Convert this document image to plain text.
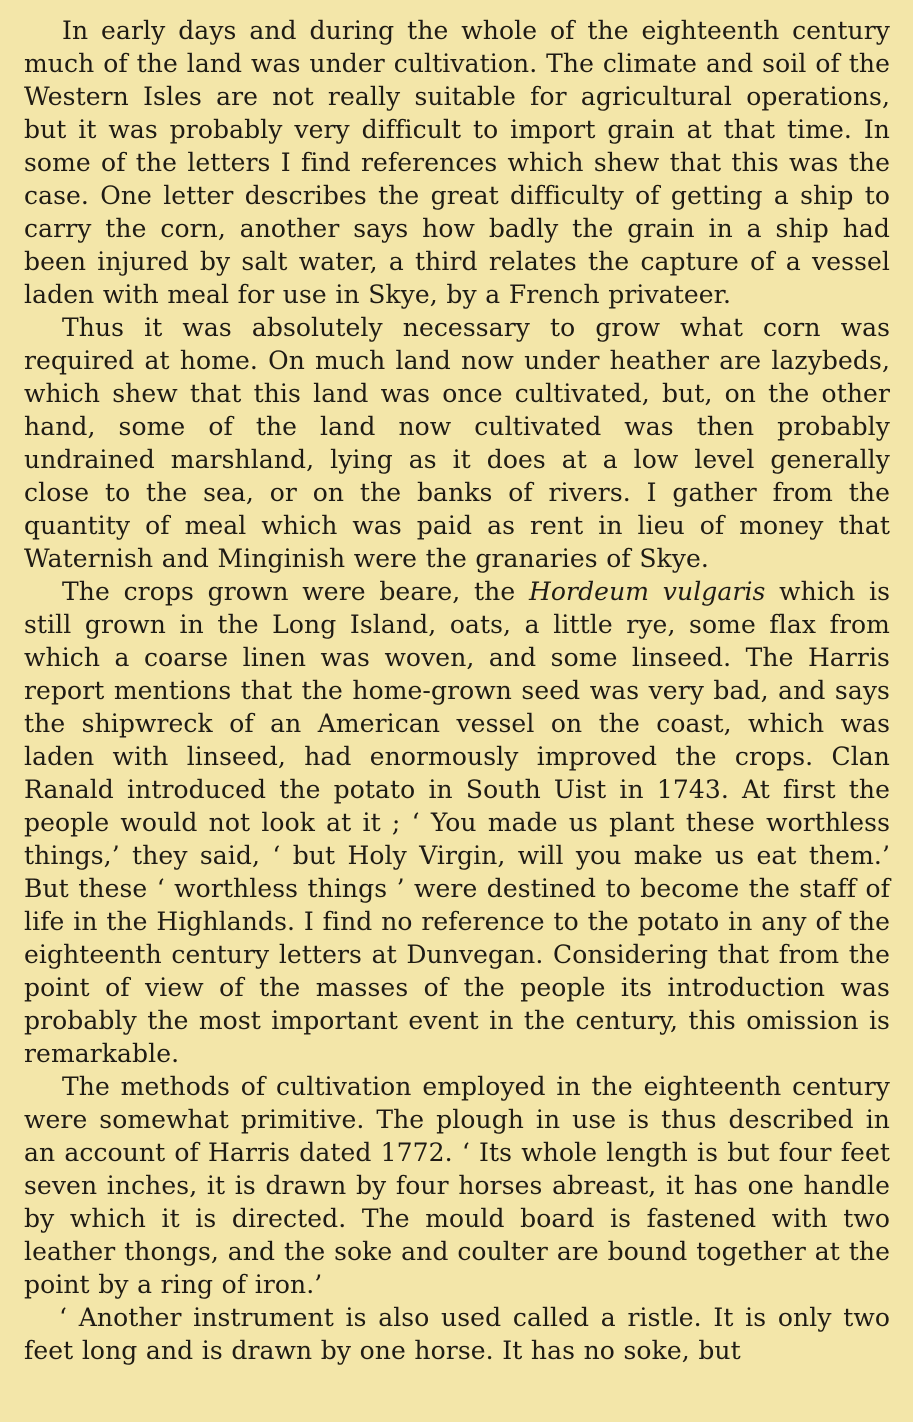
In early days and during the whole of the eighteenth century much of the land was under cultivation. The climate and soil of the Western Isles are not really suitable for agricultural operations, but it was probably very difficult to import grain at that time. In some of the letters I find references which shew that this was the case. One letter describes the great difficulty of getting a ship to carry the corn, another says how badly the grain in a ship had been injured by salt water, a third relates the capture of a vessel laden with meal for use in Skye, by a French privateer.

Thus it was absolutely necessary to grow what corn was required at home. On much land now under heather are lazybeds, which shew that this land was once cultivated, but, on the other hand, some of the land now cultivated was then probably undrained marshland, lying as it does at a low level generally close to the sea, or on the banks of rivers. I gather from the quantity of meal which was paid as rent in lieu of money that Waternish and Minginish were the granaries of Skye.

The crops grown were beare, the Hordeum vulgaris which is still grown in the Long Island, oats, a little rye, some flax from which a coarse linen was woven, and some linseed. The Harris report mentions that the home-grown seed was very bad, and says the shipwreck of an American vessel on the coast, which was laden with linseed, had enormously improved the crops. Clan Ranald introduced the potato in South Uist in 1743. At first the people would not look at it ; ‘ You made us plant these worthless things,’ they said, ‘ but Holy Virgin, will you make us eat them.’ But these ‘ worthless things ’ were destined to become the staff of life in the Highlands. I find no reference to the potato in any of the eighteenth century letters at Dunvegan. Considering that from the point of view of the masses of the people its introduction was probably the most important event in the century, this omission is remarkable.

The methods of cultivation employed in the eighteenth century were somewhat primitive. The plough in use is thus described in an account of Harris dated 1772. ‘ Its whole length is but four feet seven inches, it is drawn by four horses abreast, it has one handle by which it is directed. The mould board is fastened with two leather thongs, and the soke and coulter are bound together at the point by a ring of iron.’

‘ Another instrument is also used called a ristle. It is only two feet long and is drawn by one horse. It has no soke, but
